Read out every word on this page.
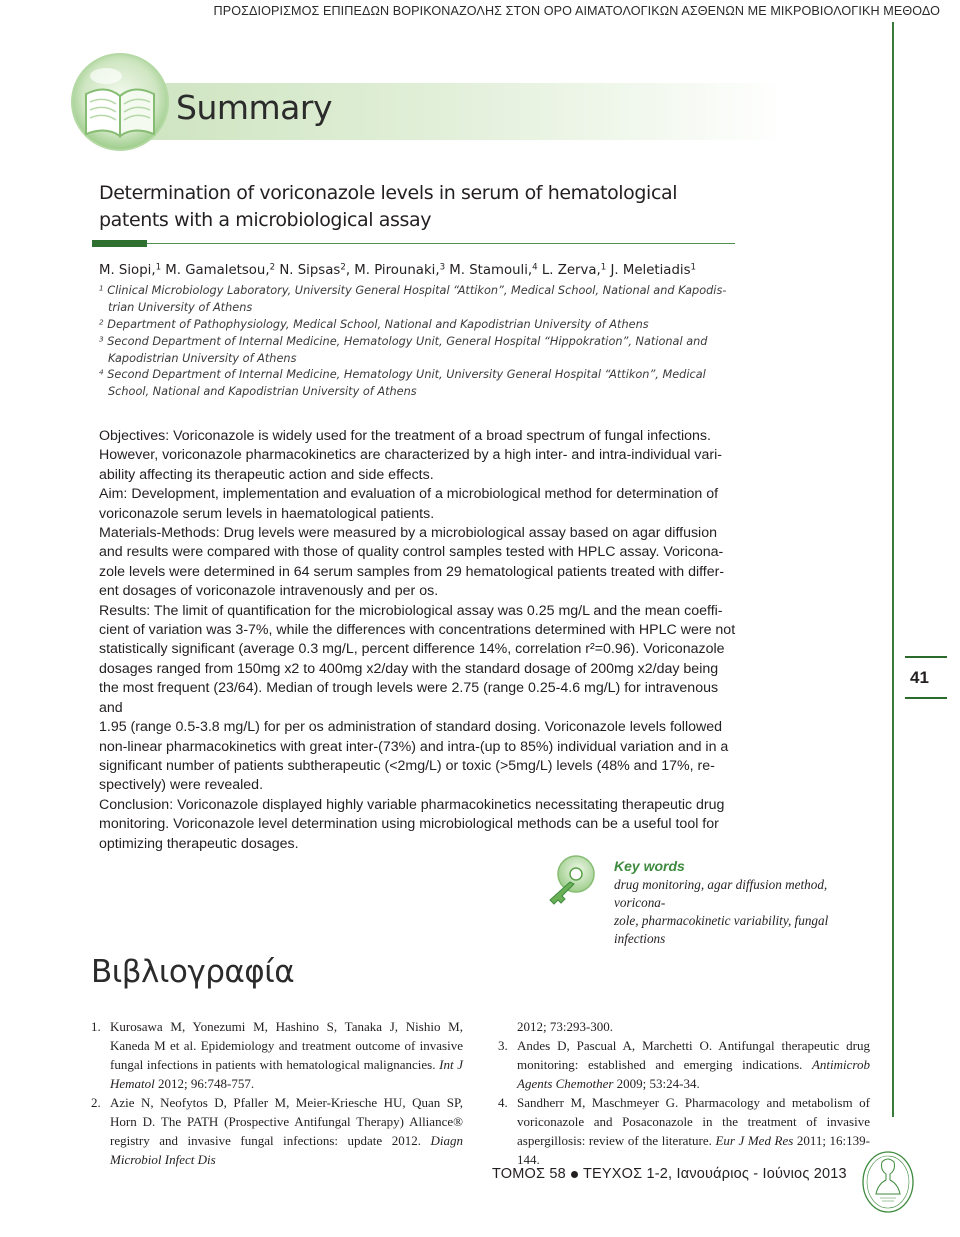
ΠΡΟΣΔΙΟΡΙΣΜΟΣ ΕΠΙΠΕΔΩΝ ΒΟΡΙΚΟΝΑΖΟΛΗΣ ΣΤΟΝ ΟΡΟ ΑΙΜΑΤΟΛΟΓΙΚΩΝ ΑΣΘΕΝΩΝ ΜΕ ΜΙΚΡΟΒΙΟΛΟΓΙΚΗ ΜΕΘΟΔΟ
41
Summary
Determination of voriconazole levels in serum of hematological
patents with a microbiological assay
M. Siopi,$^1$ M. Gamaletsou,$^2$ N. Sipsas$^2$, M. Pirounaki,$^3$ M. Stamouli,$^4$ L. Zerva,$^1$ J. Meletiadis$^1$
$^1$ Clinical Microbiology Laboratory, University General Hospital “Attikon”, Medical School, National and Kapodis-
trian University of Athens
$^2$ Department of Pathophysiology, Medical School, National and Kapodistrian University of Athens
$^3$ Second Department of Internal Medicine, Hematology Unit, General Hospital “Hippokration”, National and
Kapodistrian University of Athens
$^4$ Second Department of Internal Medicine, Hematology Unit, University General Hospital “Attikon”, Medical
School, National and Kapodistrian University of Athens

Objectives: Voriconazole is widely used for the treatment of a broad spectrum of fungal infections.

However, voriconazole pharmacokinetics are characterized by a high inter- and intra-individual vari-

ability affecting its therapeutic action and side effects.

Aim: Development, implementation and evaluation of a microbiological method for determination of

voriconazole serum levels in haematological patients.

Materials-Methods: Drug levels were measured by a microbiological assay based on agar diffusion

and results were compared with those of quality control samples tested with HPLC assay. Voricona-

zole levels were determined in 64 serum samples from 29 hematological patients treated with differ-

ent dosages of voriconazole intravenously and per os.

Results: The limit of quantification for the microbiological assay was 0.25 mg/L and the mean coeffi-

cient of variation was 3-7%, while the differences with concentrations determined with HPLC were not

statistically significant (average 0.3 mg/L, percent difference 14%, correlation r²=0.96). Voriconazole

dosages ranged from 150mg x2 to 400mg x2/day with the standard dosage of 200mg x2/day being

the most frequent (23/64). Median of trough levels were 2.75 (range 0.25-4.6 mg/L) for intravenous and

1.95 (range 0.5-3.8 mg/L) for per os administration of standard dosing. Voriconazole levels followed

non-linear pharmacokinetics with great inter-(73%) and intra-(up to 85%) individual variation and in a

significant number of patients subtherapeutic (<2mg/L) or toxic (>5mg/L) levels (48% and 17%, re-

spectively) were revealed.

Conclusion: Voriconazole displayed highly variable pharmacokinetics necessitating therapeutic drug

monitoring. Voriconazole level determination using microbiological methods can be a useful tool for

optimizing therapeutic dosages.

Key words
drug monitoring, agar diffusion method, voricona-
zole, pharmacokinetic variability, fungal infections
Βιβλιογραφία
1. Kurosawa M, Yonezumi M, Hashino S, Tanaka J, Nishio M, Kaneda M et al. Epidemiology and treatment outcome of invasive fungal infections in patients with hematological malignancies. Int J Hematol 2012; 96:748-757.
2. Azie N, Neofytos D, Pfaller M, Meier-Kriesche HU, Quan SP, Horn D. The PATH (Prospective Antifungal Therapy) Alliance® registry and invasive fungal infections: update 2012. Diagn Microbiol Infect Dis
2012; 73:293-300.
3. Andes D, Pascual A, Marchetti O. Antifungal therapeutic drug monitoring: established and emerging indications. Antimicrob Agents Chemother 2009; 53:24-34.
4. Sandherr M, Maschmeyer G. Pharmacology and metabolism of voriconazole and Posaconazole in the treatment of invasive aspergillosis: review of the literature. Eur J Med Res 2011; 16:139-144.
ΤΟΜΟΣ 58 ΤΕΥΧΟΣ 1-2, Ιανουάριος - Ιούνιος 2013
